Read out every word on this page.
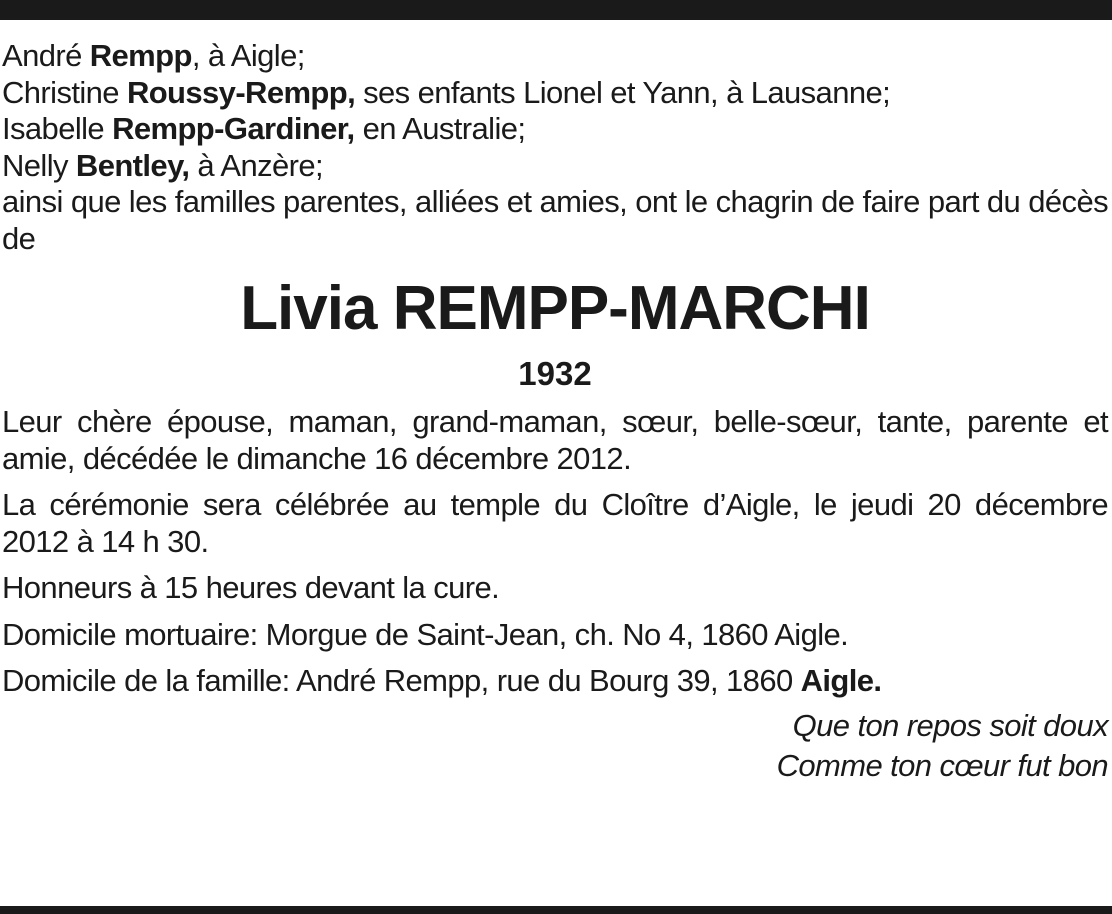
André Rempp, à Aigle;
Christine Roussy-Rempp, ses enfants Lionel et Yann, à Lausanne;
Isabelle Rempp-Gardiner, en Australie;
Nelly Bentley, à Anzère;
ainsi que les familles parentes, alliées et amies, ont le chagrin de faire part du décès de
Livia REMPP-MARCHI
1932
Leur chère épouse, maman, grand-maman, sœur, belle-sœur, tante, parente et amie, décédée le dimanche 16 décembre 2012.
La cérémonie sera célébrée au temple du Cloître d’Aigle, le jeudi 20 décembre 2012 à 14 h 30.
Honneurs à 15 heures devant la cure.
Domicile mortuaire: Morgue de Saint-Jean, ch. No 4, 1860 Aigle.
Domicile de la famille: André Rempp, rue du Bourg 39, 1860 Aigle.
Que ton repos soit doux
Comme ton cœur fut bon
